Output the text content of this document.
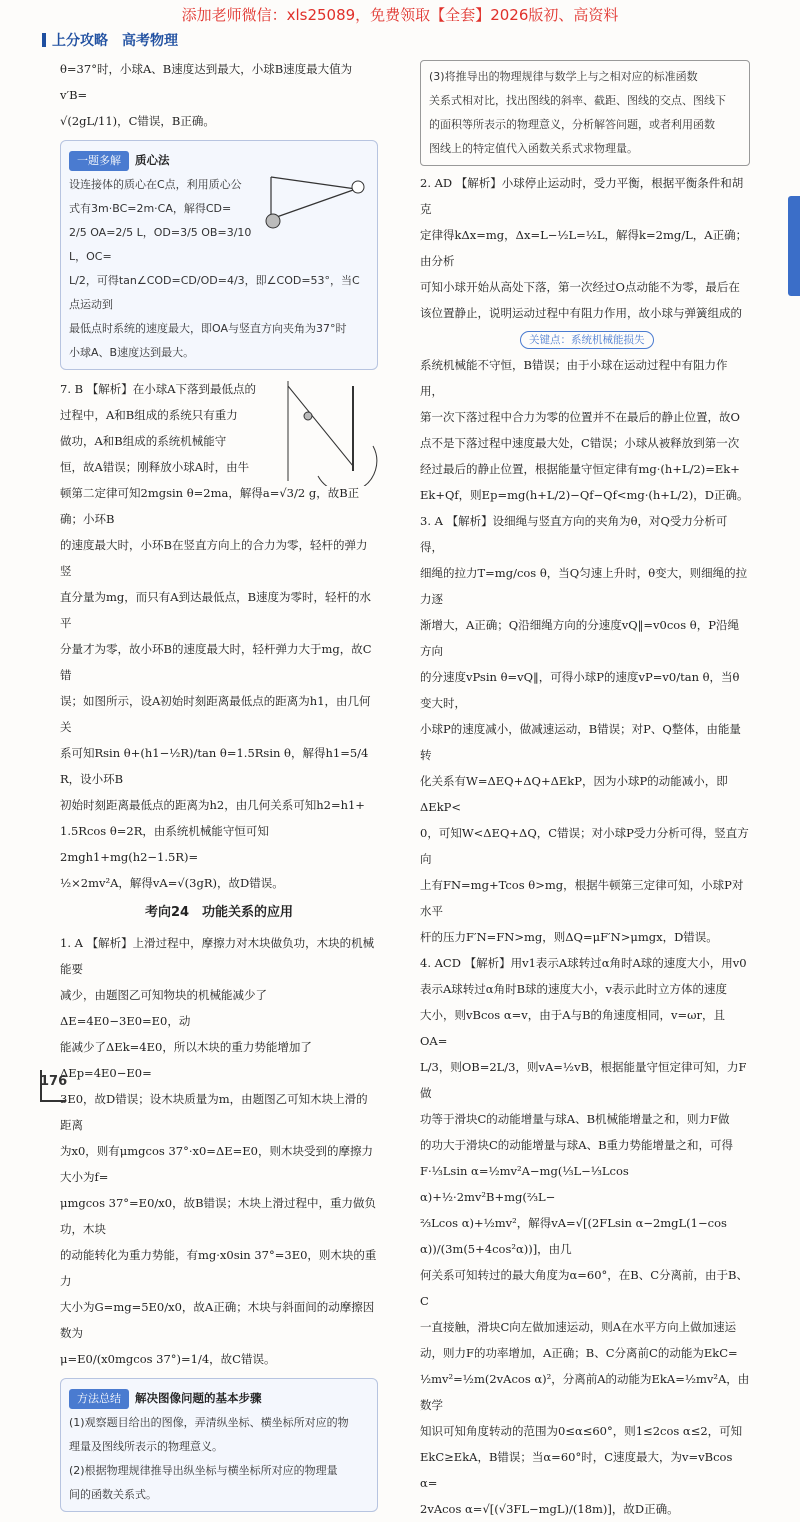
添加老师微信：xls25089，免费领取【全套】2026版初、高资料
上分攻略　高考物理

θ=37°时，小球A、B速度达到最大，小球B速度最大值为v′B=

√(2gL/11)，C错误，B正确。

一题多解 质心法
设连接体的质心在C点，利用质心公
式有3m·BC=2m·CA，解得CD=
2/5 OA=2/5 L，OD=3/5 OB=3/10 L，OC=
L/2，可得tan∠COD=CD/OD=4/3，即∠COD=53°，当C点运动到
最低点时系统的速度最大，即OA与竖直方向夹角为37°时
小球A、B速度达到最大。

7. B 【解析】在小球A下落到最低点的

过程中，A和B组成的系统只有重力

做功，A和B组成的系统机械能守

恒，故A错误；刚释放小球A时，由牛

顿第二定律可知2mgsin θ=2ma，解得a=√3/2 g，故B正确；小环B

的速度最大时，小环B在竖直方向上的合力为零，轻杆的弹力竖

直分量为mg，而只有A到达最低点，B速度为零时，轻杆的水平

分量才为零，故小环B的速度最大时，轻杆弹力大于mg，故C错

误；如图所示，设A初始时刻距离最低点的距离为h1，由几何关

系可知Rsin θ+(h1−½R)/tan θ=1.5Rsin θ，解得h1=5/4 R，设小环B

初始时刻距离最低点的距离为h2，由几何关系可知h2=h1+

1.5Rcos θ=2R，由系统机械能守恒可知2mgh1+mg(h2−1.5R)=

½×2mv²A，解得vA=√(3gR)，故D错误。

考向24　功能关系的应用

1. A 【解析】上滑过程中，摩擦力对木块做负功，木块的机械能要

减少，由题图乙可知物块的机械能减少了ΔE=4E0−3E0=E0，动

能减少了ΔEk=4E0，所以木块的重力势能增加了ΔEp=4E0−E0=

3E0，故D错误；设木块质量为m，由题图乙可知木块上滑的距离

为x0，则有μmgcos 37°·x0=ΔE=E0，则木块受到的摩擦力大小为f=

μmgcos 37°=E0/x0，故B错误；木块上滑过程中，重力做负功，木块

的动能转化为重力势能，有mg·x0sin 37°=3E0，则木块的重力

大小为G=mg=5E0/x0，故A正确；木块与斜面间的动摩擦因数为

μ=E0/(x0mgcos 37°)=1/4，故C错误。

方法总结 解决图像问题的基本步骤
(1)观察题目给出的图像，弄清纵坐标、横坐标所对应的物
理量及图线所表示的物理意义。
(2)根据物理规律推导出纵坐标与横坐标所对应的物理量
间的函数关系式。
(3)将推导出的物理规律与数学上与之相对应的标准函数
关系式相对比，找出图线的斜率、截距、图线的交点、图线下
的面积等所表示的物理意义，分析解答问题，或者利用函数
图线上的特定值代入函数关系式求物理量。

2. AD 【解析】小球停止运动时，受力平衡，根据平衡条件和胡克

定律得kΔx=mg，Δx=L−½L=½L，解得k=2mg/L，A正确；由分析

可知小球开始从高处下落，第一次经过O点动能不为零，最后在

该位置静止，说明运动过程中有阻力作用，故小球与弹簧组成的

关键点：系统机械能损失

系统机械能不守恒，B错误；由于小球在运动过程中有阻力作用，

第一次下落过程中合力为零的位置并不在最后的静止位置，故O

点不是下落过程中速度最大处，C错误；小球从被释放到第一次

经过最后的静止位置，根据能量守恒定律有mg·(h+L/2)=Ek+

Ek+Qf，则Ep=mg(h+L/2)−Qf−Qf<mg·(h+L/2)，D正确。

3. A 【解析】设细绳与竖直方向的夹角为θ，对Q受力分析可得，

细绳的拉力T=mg/cos θ，当Q匀速上升时，θ变大，则细绳的拉力逐

渐增大，A正确；Q沿细绳方向的分速度vQ‖=v0cos θ，P沿绳方向

的分速度vPsin θ=vQ‖，可得小球P的速度vP=v0/tan θ，当θ变大时，

小球P的速度减小，做减速运动，B错误；对P、Q整体，由能量转

化关系有W=ΔEQ+ΔQ+ΔEkP，因为小球P的动能减小，即ΔEkP<

0，可知W<ΔEQ+ΔQ，C错误；对小球P受力分析可得，竖直方向

上有FN=mg+Tcos θ>mg，根据牛顿第三定律可知，小球P对水平

杆的压力F′N=FN>mg，则ΔQ=μF′N>μmgx，D错误。

4. ACD 【解析】用v1表示A球转过α角时A球的速度大小，用v0

表示A球转过α角时B球的速度大小，v表示此时立方体的速度

大小，则vBcos α=v，由于A与B的角速度相同，v=ωr，且OA=

L/3，则OB=2L/3，则vA=½vB，根据能量守恒定律可知，力F做

功等于滑块C的动能增量与球A、B机械能增量之和，则力F做

的功大于滑块C的动能增量与球A、B重力势能增量之和，可得

F·⅓Lsin α=½mv²A−mg(⅓L−⅓Lcos α)+½·2mv²B+mg(⅔L−

⅔Lcos α)+½mv²，解得vA=√[(2FLsin α−2mgL(1−cos α))/(3m(5+4cos²α))]，由几

何关系可知转过的最大角度为α=60°，在B、C分离前，由于B、C

一直接触，滑块C向左做加速运动，则A在水平方向上做加速运

动，则力F的功率增加，A正确；B、C分离前C的动能为EkC=

½mv²=½m(2vAcos α)²，分离前A的动能为EkA=½mv²A，由数学

知识可知角度转动的范围为0≤α≤60°，则1≤2cos α≤2，可知

EkC≥EkA，B错误；当α=60°时，C速度最大，为v=vBcos α=

2vAcos α=√[(√3FL−mgL)/(18m)]，故D正确。

176
